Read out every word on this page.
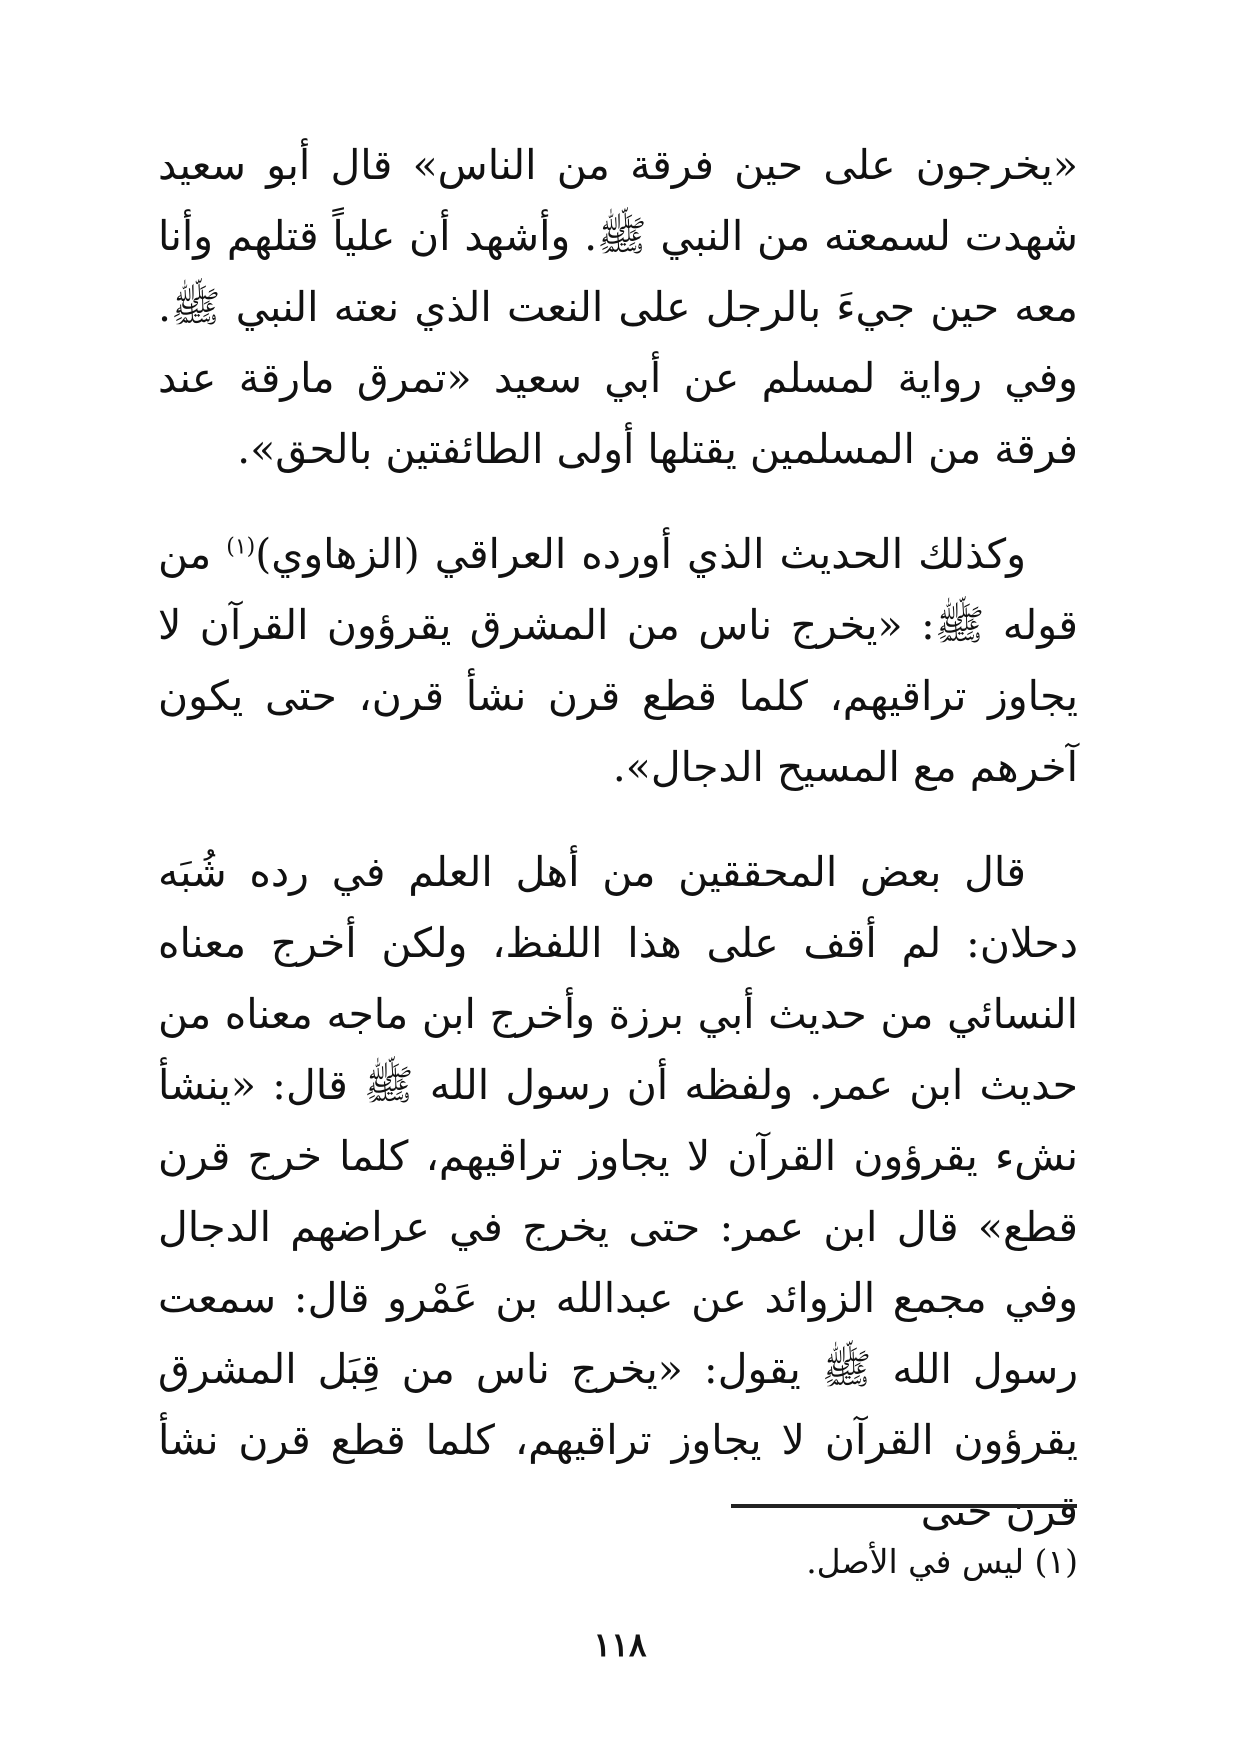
«يخرجون على حين فرقة من الناس» قال أبو سعيد شهدت لسمعته من النبي ﷺ. وأشهد أن علياً قتلهم وأنا معه حين جيءَ بالرجل على النعت الذي نعته النبي ﷺ. وفي رواية لمسلم عن أبي سعيد «تمرق مارقة عند فرقة من المسلمين يقتلها أولى الطائفتين بالحق».

وكذلك الحديث الذي أورده العراقي (الزهاوي)$^{(١)}$ من قوله ﷺ: «يخرج ناس من المشرق يقرؤون القرآن لا يجاوز تراقيهم، كلما قطع قرن نشأ قرن، حتى يكون آخرهم مع المسيح الدجال».

قال بعض المحققين من أهل العلم في رده شُبَه دحلان: لم أقف على هذا اللفظ، ولكن أخرج معناه النسائي من حديث أبي برزة وأخرج ابن ماجه معناه من حديث ابن عمر. ولفظه أن رسول الله ﷺ قال: «ينشأ نشء يقرؤون القرآن لا يجاوز تراقيهم، كلما خرج قرن قطع» قال ابن عمر: حتى يخرج في عراضهم الدجال وفي مجمع الزوائد عن عبدالله بن عَمْرو قال: سمعت رسول الله ﷺ يقول: «يخرج ناس من قِبَل المشرق يقرؤون القرآن لا يجاوز تراقيهم، كلما قطع قرن نشأ قرن حتى

(١) ليس في الأصل.
١١٨
